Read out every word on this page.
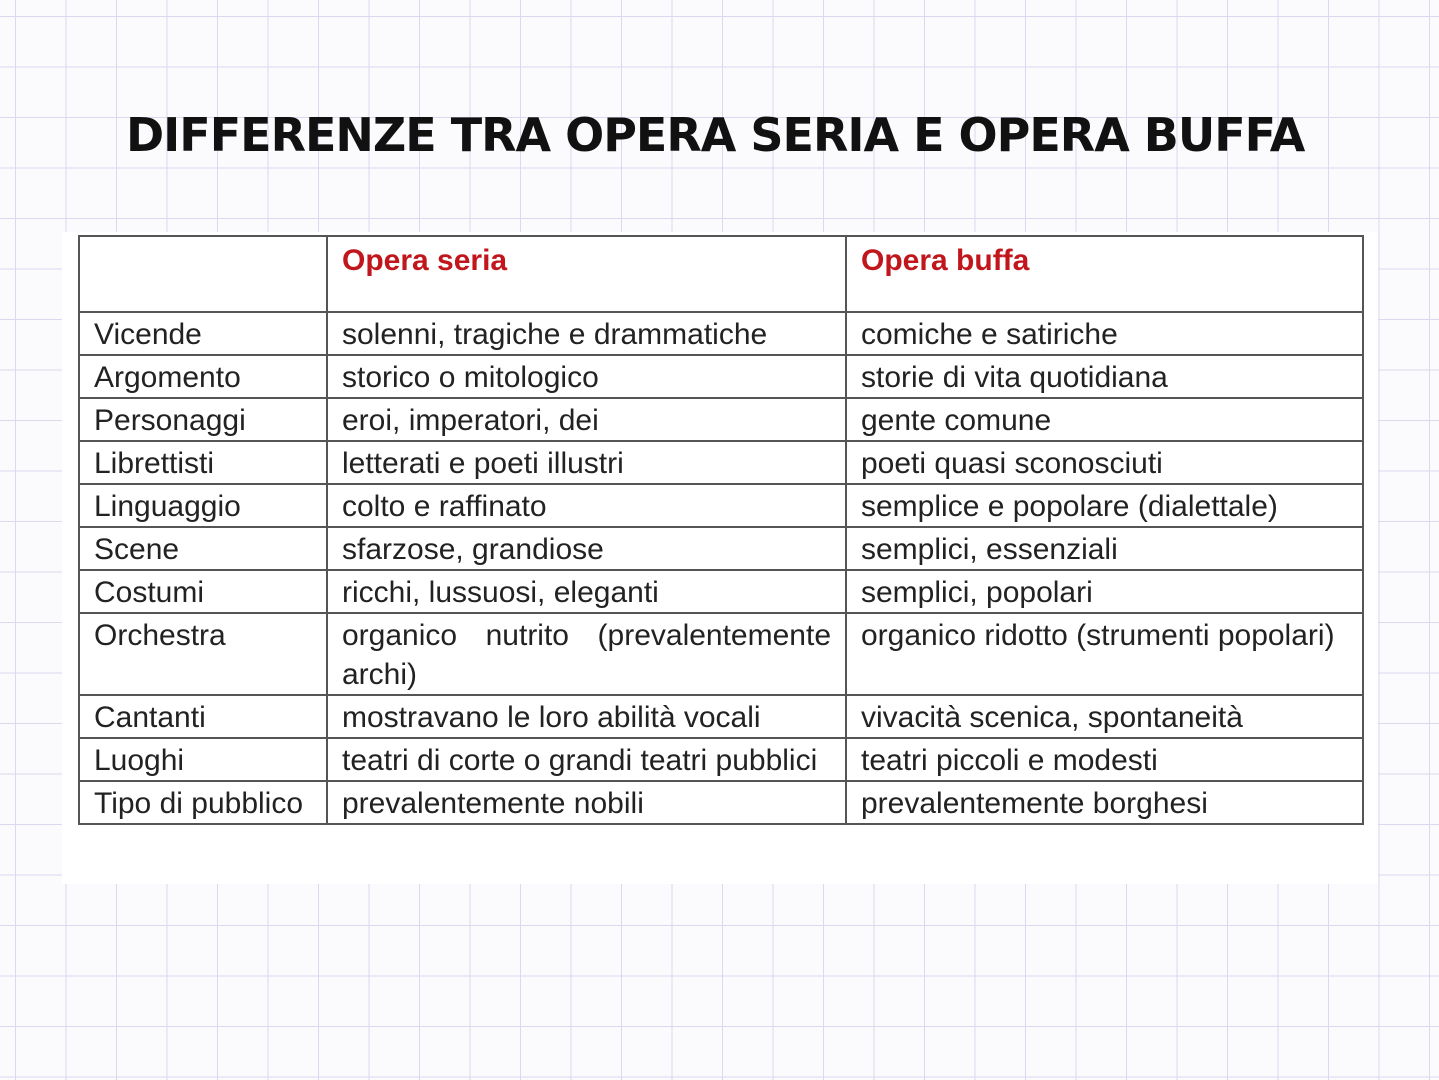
DIFFERENZE TRA OPERA SERIA E OPERA BUFFA
	Opera seria	Opera buffa
Vicende	solenni, tragiche e drammatiche	comiche e satiriche
Argomento	storico o mitologico	storie di vita quotidiana
Personaggi	eroi, imperatori, dei	gente comune
Librettisti	letterati e poeti illustri	poeti quasi sconosciuti
Linguaggio	colto e raffinato	semplice e popolare (dialettale)
Scene	sfarzose, grandiose	semplici, essenziali
Costumi	ricchi, lussuosi, eleganti	semplici, popolari
Orchestra	organico nutrito (prevalentemente archi)	organico ridotto (strumenti popolari)
Cantanti	mostravano le loro abilità vocali	vivacità scenica, spontaneità
Luoghi	teatri di corte o grandi teatri pubblici	teatri piccoli e modesti
Tipo di pubblico	prevalentemente nobili	prevalentemente borghesi
